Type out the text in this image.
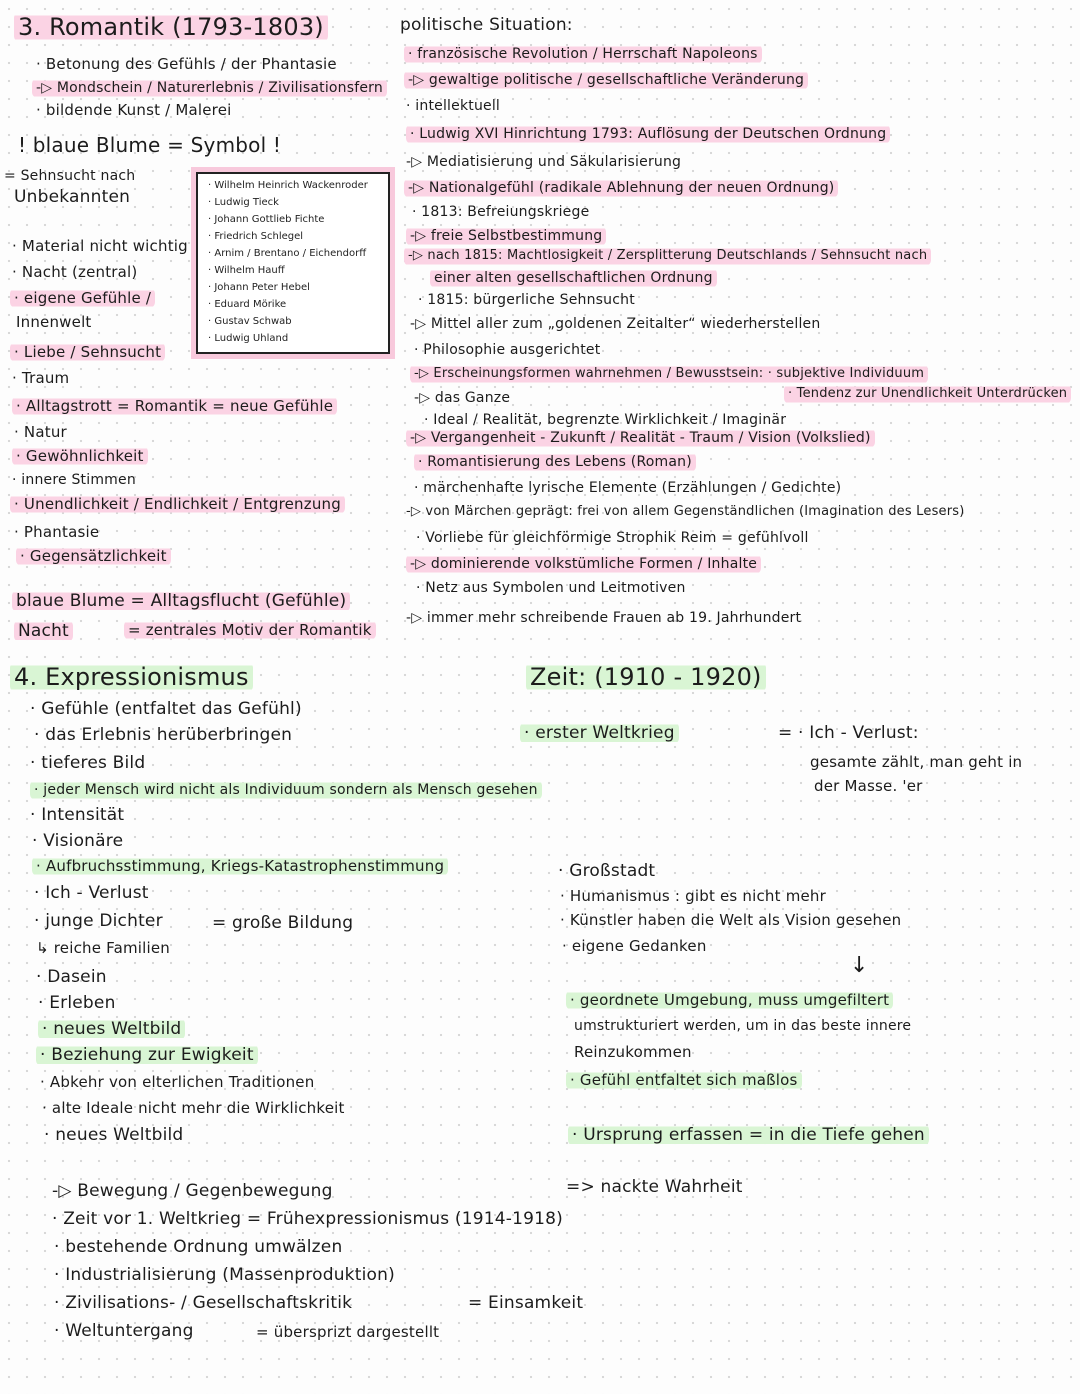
3. Romantik (1793-1803)
· Betonung des Gefühls / der Phantasie
-▷ Mondschein / Naturerlebnis / Zivilisationsfern
· bildende Kunst / Malerei
! blaue Blume = Symbol !
= Sehnsucht nach
Unbekannten
· Wilhelm Heinrich Wackenroder
· Ludwig Tieck
· Johann Gottlieb Fichte
· Friedrich Schlegel
· Arnim / Brentano / Eichendorff
· Wilhelm Hauff
· Johann Peter Hebel
· Eduard Mörike
· Gustav Schwab
· Ludwig Uhland
· Material nicht wichtig
· Nacht (zentral)
· eigene Gefühle /
Innenwelt
· Liebe / Sehnsucht
· Traum
· Alltagstrott = Romantik = neue Gefühle
· Natur
· Gewöhnlichkeit
· innere Stimmen
· Unendlichkeit / Endlichkeit / Entgrenzung
· Phantasie
· Gegensätzlichkeit
blaue Blume = Alltagsflucht (Gefühle)
Nacht	= zentrales Motiv der Romantik
politische Situation:
· französische Revolution / Herrschaft Napoleons
-▷ gewaltige politische / gesellschaftliche Veränderung
· intellektuell
· Ludwig XVI Hinrichtung 1793: Auflösung der Deutschen Ordnung
-▷ Mediatisierung und Säkularisierung
-▷ Nationalgefühl (radikale Ablehnung der neuen Ordnung)
· 1813: Befreiungskriege
-▷ freie Selbstbestimmung
-▷ nach 1815: Machtlosigkeit / Zersplitterung Deutschlands / Sehnsucht nach
einer alten gesellschaftlichen Ordnung
· 1815: bürgerliche Sehnsucht
-▷ Mittel aller zum „goldenen Zeitalter“ wiederherstellen
· Philosophie ausgerichtet
-▷ Erscheinungsformen wahrnehmen / Bewusstsein: · subjektive Individuum
-▷ das Ganze	· Tendenz zur Unendlichkeit Unterdrücken
· Ideal / Realität, begrenzte Wirklichkeit / Imaginär
-▷ Vergangenheit - Zukunft / Realität - Traum / Vision (Volkslied)
· Romantisierung des Lebens (Roman)
· märchenhafte lyrische Elemente (Erzählungen / Gedichte)
-▷ von Märchen geprägt: frei von allem Gegenständlichen (Imagination des Lesers)
· Vorliebe für gleichförmige Strophik Reim = gefühlvoll
-▷ dominierende volkstümliche Formen / Inhalte
· Netz aus Symbolen und Leitmotiven
-▷ immer mehr schreibende Frauen ab 19. Jahrhundert
4. Expressionismus	Zeit: (1910 - 1920)
· Gefühle (entfaltet das Gefühl)
· das Erlebnis herüberbringen
· tieferes Bild
· jeder Mensch wird nicht als Individuum sondern als Mensch gesehen
· Intensität
· Visionäre
· Aufbruchsstimmung, Kriegs-Katastrophenstimmung
· Ich - Verlust
· junge Dichter
↳ reiche Familien
· Dasein
· Erleben
· neues Weltbild
· Beziehung zur Ewigkeit
· Abkehr von elterlichen Traditionen
· alte Ideale nicht mehr die Wirklichkeit
· neues Weltbild
= große Bildung
· erster Weltkrieg	= · Ich - Verlust:
gesamte zählt, man geht in
der Masse. 'er
· Großstadt
· Humanismus : gibt es nicht mehr
· Künstler haben die Welt als Vision gesehen
· eigene Gedanken
↓
· geordnete Umgebung, muss umgefiltert
umstrukturiert werden, um in das beste innere
Reinzukommen
· Gefühl entfaltet sich maßlos
· Ursprung erfassen = in die Tiefe gehen
=> nackte Wahrheit
-▷ Bewegung / Gegenbewegung
· Zeit vor 1. Weltkrieg = Frühexpressionismus (1914-1918)
· bestehende Ordnung umwälzen
· Industrialisierung (Massenproduktion)
· Zivilisations- / Gesellschaftskritik	= Einsamkeit
· Weltuntergang	= übersprizt dargestellt
